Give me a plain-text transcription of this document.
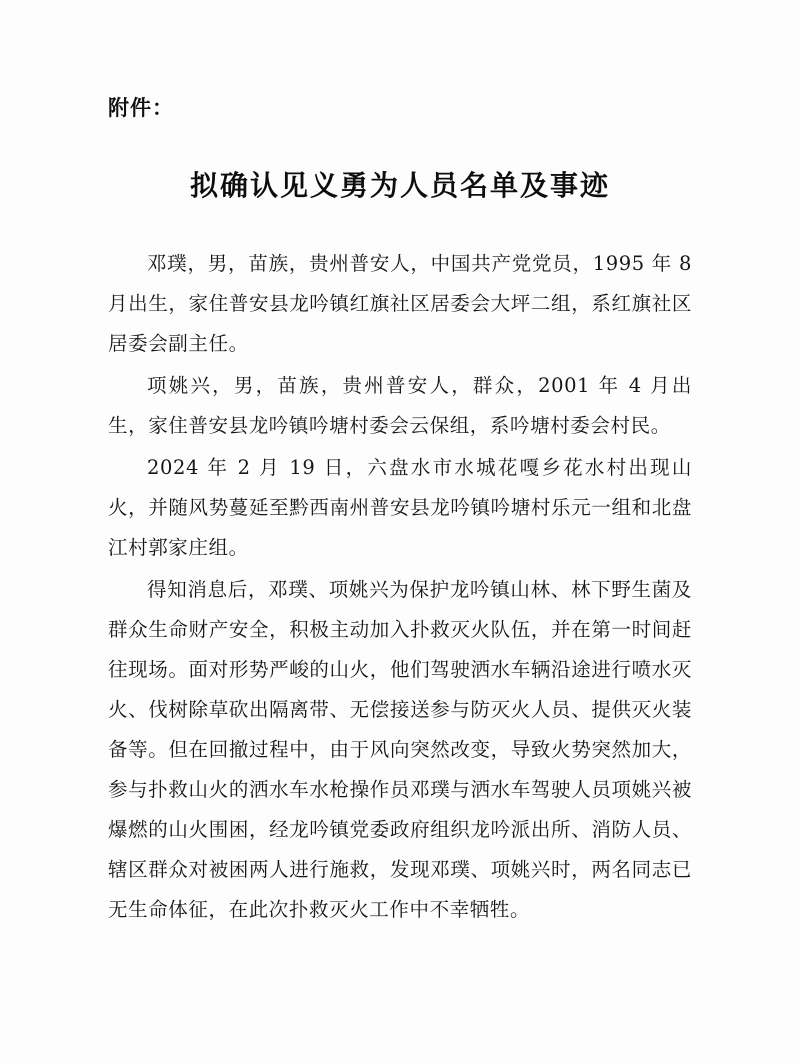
附件：
拟确认见义勇为人员名单及事迹

邓璞，男，苗族，贵州普安人，中国共产党党员，1995 年 8 月出生，家住普安县龙吟镇红旗社区居委会大坪二组，系红旗社区居委会副主任。

项姚兴，男，苗族，贵州普安人，群众，2001 年 4 月出生，家住普安县龙吟镇吟塘村委会云保组，系吟塘村委会村民。

2024 年 2 月 19 日，六盘水市水城花嘎乡花水村出现山火，并随风势蔓延至黔西南州普安县龙吟镇吟塘村乐元一组和北盘江村郭家庄组。

得知消息后，邓璞、项姚兴为保护龙吟镇山林、林下野生菌及群众生命财产安全，积极主动加入扑救灭火队伍，并在第一时间赶往现场。面对形势严峻的山火，他们驾驶洒水车辆沿途进行喷水灭火、伐树除草砍出隔离带、无偿接送参与防灭火人员、提供灭火装备等。但在回撤过程中，由于风向突然改变，导致火势突然加大，参与扑救山火的洒水车水枪操作员邓璞与洒水车驾驶人员项姚兴被爆燃的山火围困，经龙吟镇党委政府组织龙吟派出所、消防人员、辖区群众对被困两人进行施救，发现邓璞、项姚兴时，两名同志已无生命体征，在此次扑救灭火工作中不幸牺牲。
